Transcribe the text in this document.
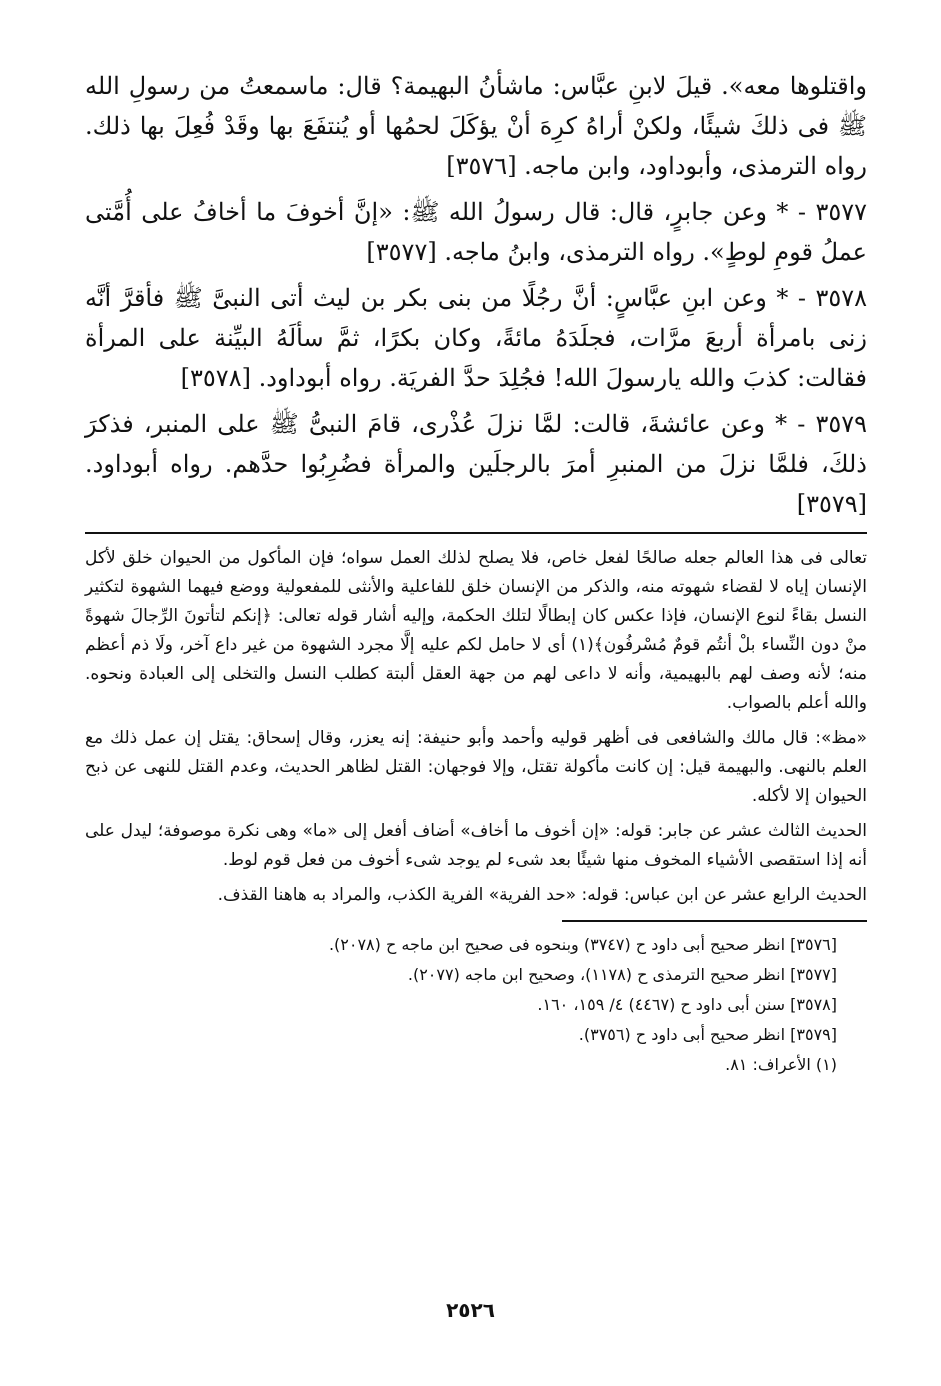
واقتلوها معه». قيلَ لابنِ عبَّاس: ماشأنُ البهيمة؟ قال: ماسمعتُ من رسولِ الله ﷺ فى ذلكَ شيئًا، ولكنْ أراهُ كرِهَ أنْ يؤكَلَ لحمُها أو يُنتفَعَ بها وقَدْ فُعِلَ بها ذلك. رواه الترمذى، وأبوداود، وابن ماجه. [٣٥٧٦]

٣٥٧٧ - * وعن جابرٍ، قال: قال رسولُ الله ﷺ: «إنَّ أخوفَ ما أخافُ على أُمَّتى عملُ قومِ لوطٍ». رواه الترمذى، وابنُ ماجه. [٣٥٧٧]

٣٥٧٨ - * وعن ابنِ عبَّاسٍ: أنَّ رجُلًا من بنى بكر بن ليث أتى النبىَّ ﷺ فأقرَّ أنَّه زنى بامرأة أربعَ مرَّات، فجلَدَهُ مائةً، وكان بكرًا، ثمَّ سألَهُ البيِّنة على المرأة فقالت: كذبَ والله يارسولَ الله! فجُلِدَ حدَّ الفريَة. رواه أبوداود. [٣٥٧٨]

٣٥٧٩ - * وعن عائشةَ، قالت: لمَّا نزلَ عُذْرى، قامَ النبىُّ ﷺ على المنبر، فذكرَ ذلكَ، فلمَّا نزلَ من المنبرِ أمرَ بالرجلَين والمرأة فضُرِبُوا حدَّهم. رواه أبوداود. [٣٥٧٩]

تعالى فى هذا العالم جعله صالحًا لفعل خاص، فلا يصلح لذلك العمل سواه؛ فإن المأكول من الحيوان خلق لأكل الإنسان إياه لا لقضاء شهوته منه، والذكر من الإنسان خلق للفاعلية والأنثى للمفعولية ووضع فيهما الشهوة لتكثير النسل بقاءً لنوع الإنسان، فإذا عكس كان إبطالًا لتلك الحكمة، وإليه أشار قوله تعالى: ﴿إنكم لتأتونَ الرِّجالَ شهوةً منْ دون النِّساء بلْ أنتُم قومٌ مُسْرفُون﴾(١) أى لا حامل لكم عليه إلَّا مجرد الشهوة من غير داع آخر، ولَا ذم أعظم منه؛ لأنه وصف لهم بالبهيمية، وأنه لا داعى لهم من جهة العقل ألبتة كطلب النسل والتخلى إلى العبادة ونحوه. والله أعلم بالصواب.

«مظ»: قال مالك والشافعى فى أظهر قوليه وأحمد وأبو حنيفة: إنه يعزر، وقال إسحاق: يقتل إن عمل ذلك مع العلم بالنهى. والبهيمة قيل: إن كانت مأكولة تقتل، وإلا فوجهان: القتل لظاهر الحديث، وعدم القتل للنهى عن ذبح الحيوان إلا لأكله.

الحديث الثالث عشر عن جابر: قوله: «إن أخوف ما أخاف» أضاف أفعل إلى «ما» وهى نكرة موصوفة؛ ليدل على أنه إذا استقصى الأشياء المخوف منها شيئًا بعد شىء لم يوجد شىء أخوف من فعل قوم لوط.

الحديث الرابع عشر عن ابن عباس: قوله: «حد الفرية» الفرية الكذب، والمراد به هاهنا القذف.

[٣٥٧٦] انظر صحيح أبى داود ح (٣٧٤٧) وبنحوه فى صحيح ابن ماجه ح (٢٠٧٨).

[٣٥٧٧] انظر صحيح الترمذى ح (١١٧٨)، وصحيح ابن ماجه (٢٠٧٧).

[٣٥٧٨] سنن أبى داود ح (٤٤٦٧) ٤/ ١٥٩، ١٦٠.

[٣٥٧٩] انظر صحيح أبى داود ح (٣٧٥٦).

(١) الأعراف: ٨١.

٢٥٢٦
